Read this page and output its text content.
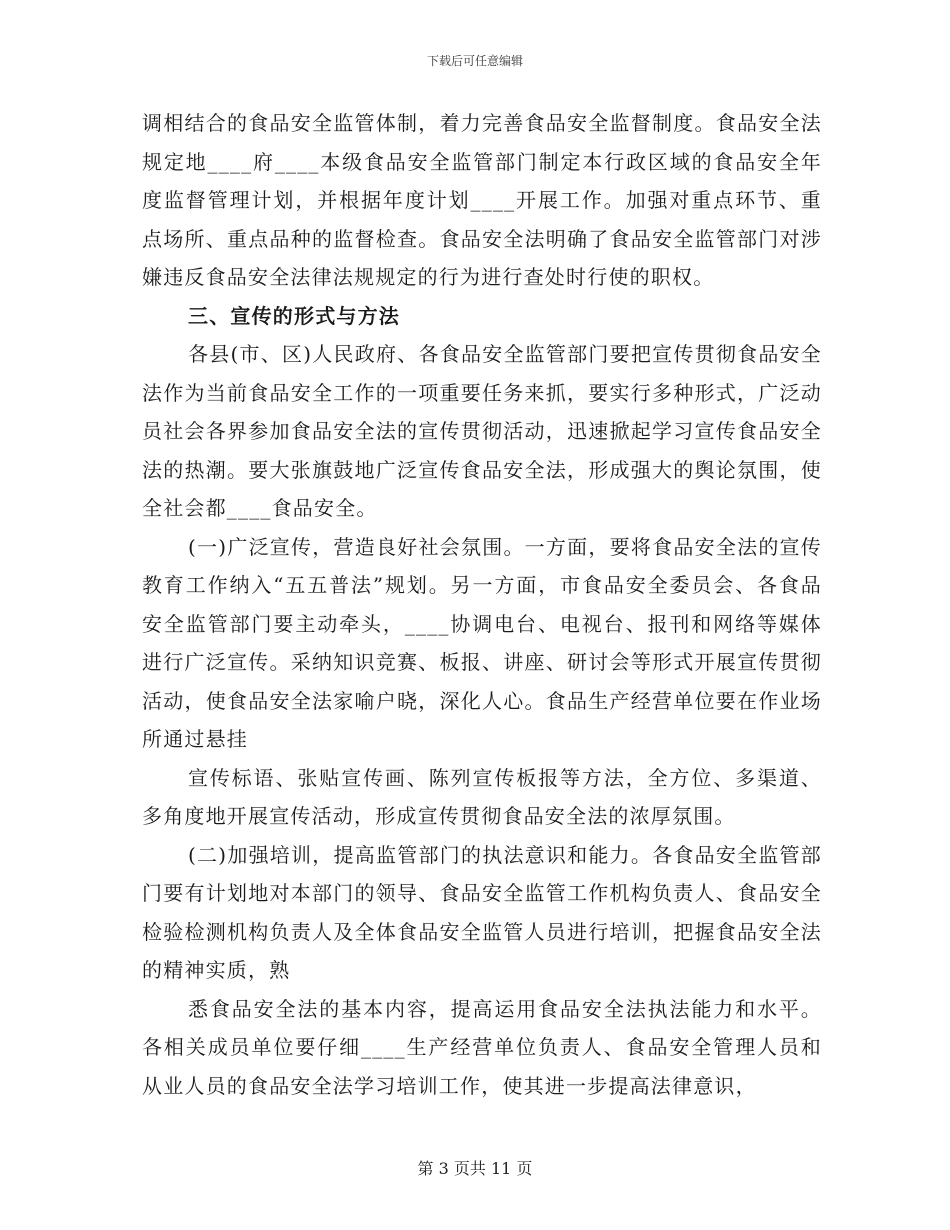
下载后可任意编辑

调相结合的食品安全监管体制，着力完善食品安全监督制度。食品安全法规定地____府____本级食品安全监管部门制定本行政区域的食品安全年度监督管理计划，并根据年度计划____开展工作。加强对重点环节、重点场所、重点品种的监督检查。食品安全法明确了食品安全监管部门对涉嫌违反食品安全法律法规规定的行为进行查处时行使的职权。

三、宣传的形式与方法

各县(市、区)人民政府、各食品安全监管部门要把宣传贯彻食品安全法作为当前食品安全工作的一项重要任务来抓，要实行多种形式，广泛动员社会各界参加食品安全法的宣传贯彻活动，迅速掀起学习宣传食品安全法的热潮。要大张旗鼓地广泛宣传食品安全法，形成强大的舆论氛围，使全社会都____食品安全。

(一)广泛宣传，营造良好社会氛围。一方面，要将食品安全法的宣传教育工作纳入“五五普法”规划。另一方面，市食品安全委员会、各食品安全监管部门要主动牵头，____协调电台、电视台、报刊和网络等媒体进行广泛宣传。采纳知识竞赛、板报、讲座、研讨会等形式开展宣传贯彻活动，使食品安全法家喻户晓，深化人心。食品生产经营单位要在作业场所通过悬挂

宣传标语、张贴宣传画、陈列宣传板报等方法，全方位、多渠道、多角度地开展宣传活动，形成宣传贯彻食品安全法的浓厚氛围。

(二)加强培训，提高监管部门的执法意识和能力。各食品安全监管部门要有计划地对本部门的领导、食品安全监管工作机构负责人、食品安全检验检测机构负责人及全体食品安全监管人员进行培训，把握食品安全法的精神实质，熟

悉食品安全法的基本内容，提高运用食品安全法执法能力和水平。各相关成员单位要仔细____生产经营单位负责人、食品安全管理人员和从业人员的食品安全法学习培训工作，使其进一步提高法律意识，

第 3 页共 11 页
